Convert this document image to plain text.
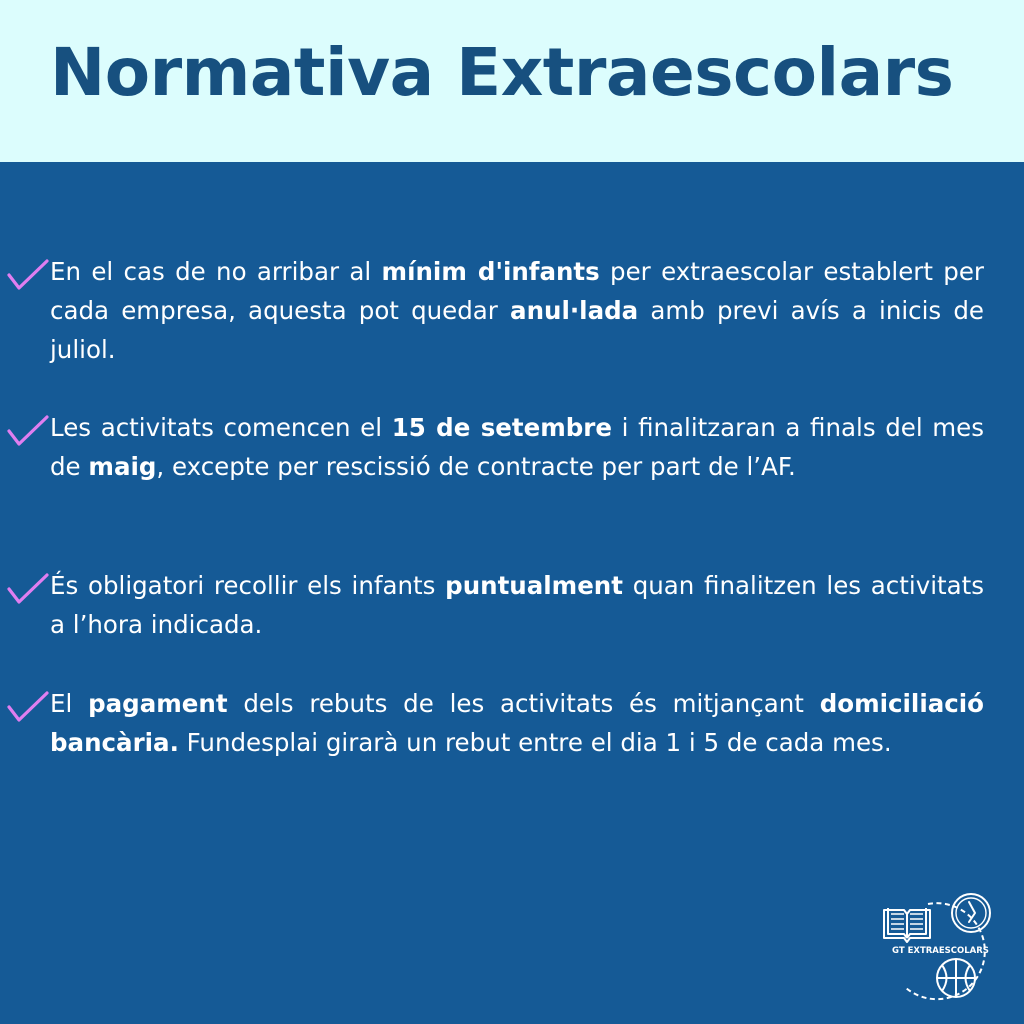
Normativa Extraescolars

En el cas de no arribar al mínim d'infants per extraescolar establert per cada empresa, aquesta pot quedar anul·lada amb previ avís a inicis de juliol.

Les activitats comencen el 15 de setembre i finalitzaran a finals del mes de maig, excepte per rescissió de contracte per part de l’AF.

És obligatori recollir els infants puntualment quan finalitzen les activitats a l’hora indicada.

El pagament dels rebuts de les activitats és mitjançant domiciliació bancària. Fundesplai girarà un rebut entre el dia 1 i 5 de cada mes.

GT EXTRAESCOLARS
